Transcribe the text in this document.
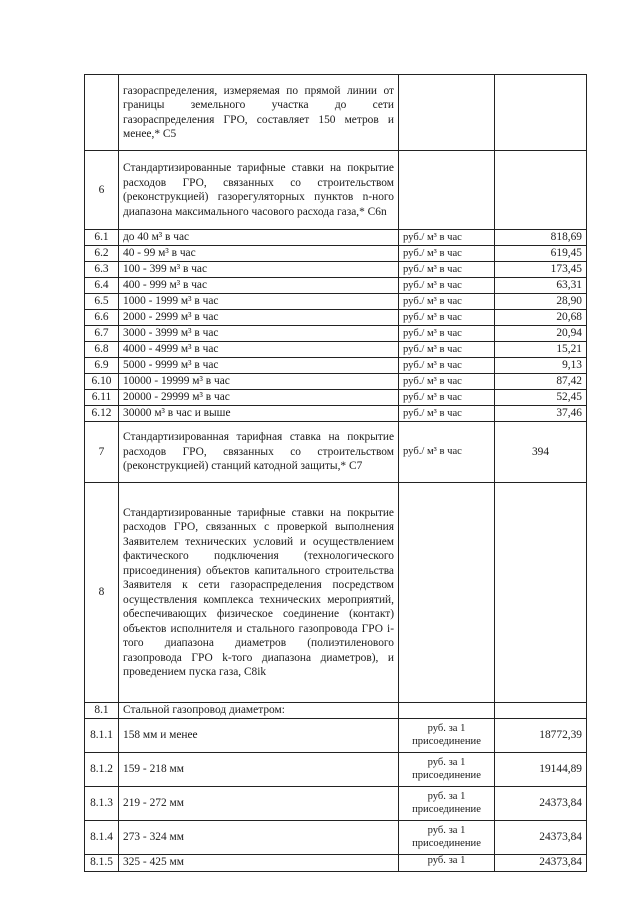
	газораспределения, измеряемая по прямой линии от границы земельного участка до сети газораспределения ГРО, составляет 150 метров и менее,* С5		
6	Стандартизированные тарифные ставки на покрытие расходов ГРО, связанных со строительством (реконструкцией) газорегуляторных пунктов n-ного диапазона максимального часового расхода газа,* С6n		
6.1	до 40 м³ в час	руб./ м³ в час	818,69
6.2	40 - 99 м³ в час	руб./ м³ в час	619,45
6.3	100 - 399 м³ в час	руб./ м³ в час	173,45
6.4	400 - 999 м³ в час	руб./ м³ в час	63,31
6.5	1000 - 1999 м³ в час	руб./ м³ в час	28,90
6.6	2000 - 2999 м³ в час	руб./ м³ в час	20,68
6.7	3000 - 3999 м³ в час	руб./ м³ в час	20,94
6.8	4000 - 4999 м³ в час	руб./ м³ в час	15,21
6.9	5000 - 9999 м³ в час	руб./ м³ в час	9,13
6.10	10000 - 19999 м³ в час	руб./ м³ в час	87,42
6.11	20000 - 29999 м³ в час	руб./ м³ в час	52,45
6.12	30000 м³ в час и выше	руб./ м³ в час	37,46
7	Стандартизированная тарифная ставка на покрытие расходов ГРО, связанных со строительством (реконструкцией) станций катодной защиты,* С7	руб./ м³ в час	394
8	Стандартизированные тарифные ставки на покрытие расходов ГРО, связанных с проверкой выполнения Заявителем технических условий и осуществлением фактического подключения (технологического присоединения) объектов капитального строительства Заявителя к сети газораспределения посредством осуществления комплекса технических мероприятий, обеспечивающих физическое соединение (контакт) объектов исполнителя и стального газопровода ГРО i-того диапазона диаметров (полиэтиленового газопровода ГРО k-того диапазона диаметров), и проведением пуска газа, С8ik		
8.1	Стальной газопровод диаметром:		
8.1.1	158 мм и менее	руб. за 1 присоединение	18772,39
8.1.2	159 - 218 мм	руб. за 1 присоединение	19144,89
8.1.3	219 - 272 мм	руб. за 1 присоединение	24373,84
8.1.4	273 - 324 мм	руб. за 1 присоединение	24373,84
8.1.5	325 - 425 мм	руб. за 1	24373,84
